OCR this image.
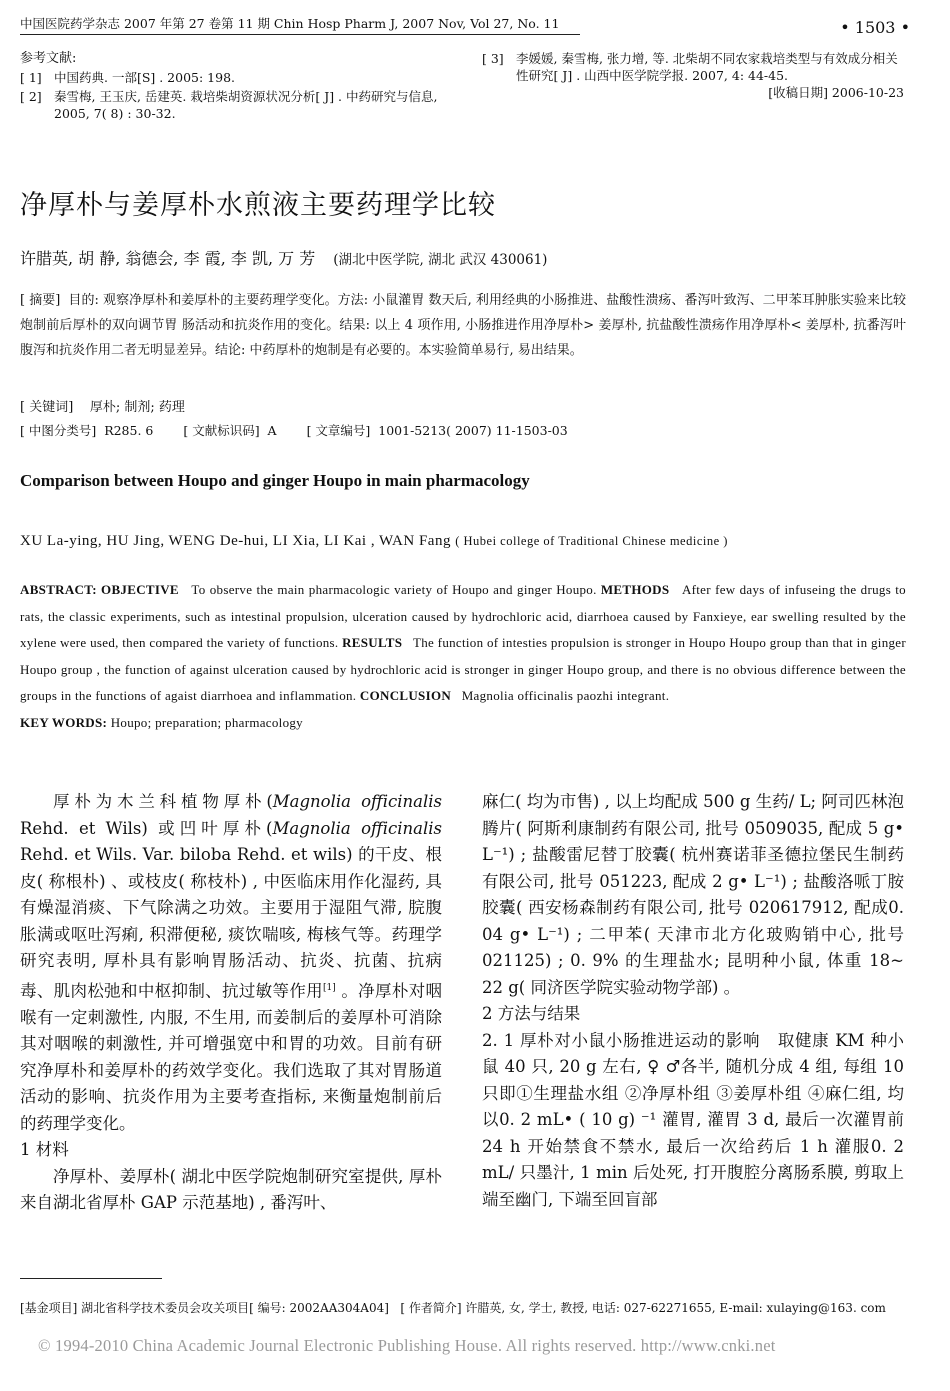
中国医院药学杂志 2007 年第 27 卷第 11 期 Chin Hosp Pharm J, 2007 Nov, Vol 27, No. 11	• 1503 •
参考文献:
[ 1] 中国药典. 一部[S] . 2005: 198.
[ 2] 秦雪梅, 王玉庆, 岳建英. 栽培柴胡资源状况分析[ J] . 中药研究与信息, 2005, 7( 8) : 30-32.
[ 3] 李媛媛, 秦雪梅, 张力增, 等. 北柴胡不同农家栽培类型与有效成分相关性研究[ J] . 山西中医学院学报. 2007, 4: 44-45.
[收稿日期] 2006-10-23
净厚朴与姜厚朴水煎液主要药理学比较
许腊英, 胡 静, 翁德会, 李 霞, 李 凯, 万 芳 (湖北中医学院, 湖北 武汉 430061)
[ 摘要] 目的: 观察净厚朴和姜厚朴的主要药理学变化。方法: 小鼠灌胃 数天后, 利用经典的小肠推进、盐酸性溃疡、番泻叶致泻、二甲苯耳肿胀实验来比较炮制前后厚朴的双向调节胃 肠活动和抗炎作用的变化。结果: 以上 4 项作用, 小肠推进作用净厚朴> 姜厚朴, 抗盐酸性溃疡作用净厚朴< 姜厚朴, 抗番泻叶腹泻和抗炎作用二者无明显差异。结论: 中药厚朴的炮制是有必要的。本实验简单易行, 易出结果。
[ 关键词] 厚朴; 制剂; 药理
[ 中图分类号] R285. 6 [ 文献标识码] A [ 文章编号] 1001-5213( 2007) 11-1503-03
Comparison between Houpo and ginger Houpo in main pharmacology
XU La-ying, HU Jing, WENG De-hui, LI Xia, LI Kai , WAN Fang ( Hubei college of Traditional Chinese medicine )
ABSTRACT: OBJECTIVE To observe the main pharmacologic variety of Houpo and ginger Houpo. METHODS After few days of infuseing the drugs to rats, the classic experiments, such as intestinal propulsion, ulceration caused by hydrochloric acid, diarrhoea caused by Fanxieye, ear swelling resulted by the xylene were used, then compared the variety of functions. RESULTS The function of intesties propulsion is stronger in Houpo Houpo group than that in ginger Houpo group , the function of against ulceration caused by hydrochloric acid is stronger in ginger Houpo group, and there is no obvious difference between the groups in the functions of agaist diarrhoea and inflammation. CONCLUSION Magnolia officinalis paozhi integrant.
KEY WORDS: Houpo; preparation; pharmacology

厚朴为木兰科植物厚朴(Magnolia officinalis Rehd. et Wils) 或凹叶厚朴(Magnolia officinalis Rehd. et Wils. Var. biloba Rehd. et wils) 的干皮、根皮( 称根朴) 、或枝皮( 称枝朴) , 中医临床用作化湿药, 具有燥湿消痰、下气除满之功效。主要用于湿阻气滞, 脘腹胀满或呕吐泻痢, 积滞便秘, 痰饮喘咳, 梅核气等。药理学研究表明, 厚朴具有影响胃肠活动、抗炎、抗菌、抗病毒、肌肉松弛和中枢抑制、抗过敏等作用[1] 。净厚朴对咽喉有一定刺激性, 内服, 不生用, 而姜制后的姜厚朴可消除其对咽喉的刺激性, 并可增强宽中和胃的功效。目前有研究净厚朴和姜厚朴的药效学变化。我们选取了其对胃肠道活动的影响、抗炎作用为主要考查指标, 来衡量炮制前后的药理学变化。

1 材料

净厚朴、姜厚朴( 湖北中医学院炮制研究室提供, 厚朴来自湖北省厚朴 GAP 示范基地) , 番泻叶、

麻仁( 均为市售) , 以上均配成 500 g 生药/ L; 阿司匹林泡腾片( 阿斯利康制药有限公司, 批号 0509035, 配成 5 g• L⁻¹) ; 盐酸雷尼替丁胶囊( 杭州赛诺菲圣德拉堡民生制药有限公司, 批号 051223, 配成 2 g• L⁻¹) ; 盐酸洛哌丁胺胶囊( 西安杨森制药有限公司, 批号 020617912, 配成0. 04 g• L⁻¹) ; 二甲苯( 天津市北方化玻购销中心, 批号 021125) ; 0. 9% 的生理盐水; 昆明种小鼠, 体重 18~ 22 g( 同济医学院实验动物学部) 。

2 方法与结果

2. 1 厚朴对小鼠小肠推进运动的影响 取健康 KM 种小鼠 40 只, 20 g 左右, ♀ ♂各半, 随机分成 4 组, 每组 10 只即①生理盐水组 ②净厚朴组 ③姜厚朴组 ④麻仁组, 均以0. 2 mL• ( 10 g) ⁻¹ 灌胃, 灌胃 3 d, 最后一次灌胃前 24 h 开始禁食不禁水, 最后一次给药后 1 h 灌服0. 2 mL/ 只墨汁, 1 min 后处死, 打开腹腔分离肠系膜, 剪取上端至幽门, 下端至回盲部

[基金项目] 湖北省科学技术委员会攻关项目[ 编号: 2002AA304A04] [ 作者简介] 许腊英, 女, 学士, 教授, 电话: 027-62271655, E-mail: xulaying@163. com
© 1994-2010 China Academic Journal Electronic Publishing House. All rights reserved. http://www.cnki.net
